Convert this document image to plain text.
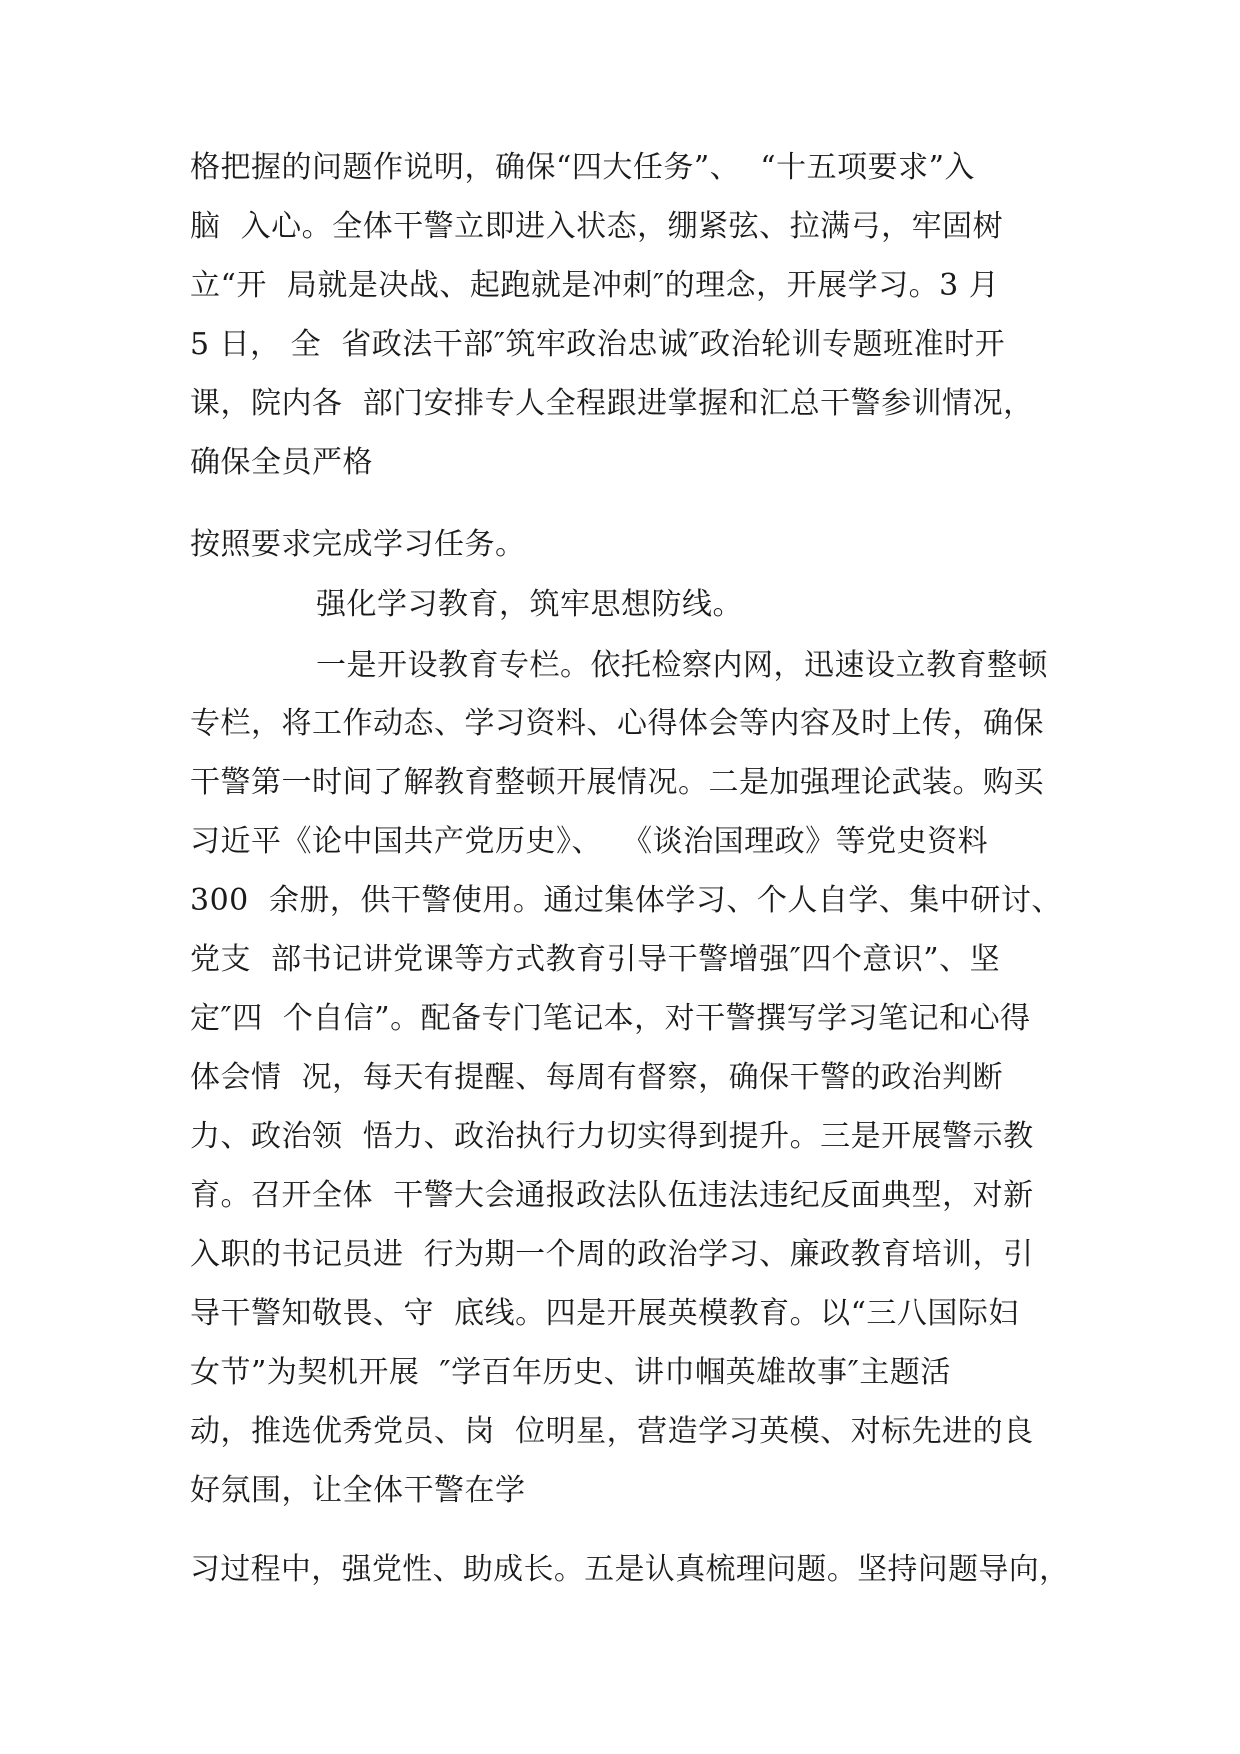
格把握的问题作说明，确保“四大任务”、  “十五项要求”入
脑  入心。全体干警立即进入状态，绷紧弦、拉满弓，牢固树
立“开  局就是决战、起跑就是冲刺″的理念，开展学习。3 月
5 日， 全  省政法干部″筑牢政治忠诚″政治轮训专题班准时开
课，院内各  部门安排专人全程跟进掌握和汇总干警参训情况，
确保全员严格
按照要求完成学习任务。
强化学习教育，筑牢思想防线。
一是开设教育专栏。依托检察内网，迅速设立教育整顿
专栏，将工作动态、学习资料、心得体会等内容及时上传，确保
干警第一时间了解教育整顿开展情况。二是加强理论武装。购买
习近平《论中国共产党历史》、  《谈治国理政》等党史资料
300  余册，供干警使用。通过集体学习、个人自学、集中研讨、
党支  部书记讲党课等方式教育引导干警增强″四个意识”、坚
定″四  个自信”。配备专门笔记本，对干警撰写学习笔记和心得
体会情  况，每天有提醒、每周有督察，确保干警的政治判断
力、政治领  悟力、政治执行力切实得到提升。三是开展警示教
育。召开全体  干警大会通报政法队伍违法违纪反面典型，对新
入职的书记员进  行为期一个周的政治学习、廉政教育培训，引
导干警知敬畏、守  底线。四是开展英模教育。以“三八国际妇
女节”为契机开展  ″学百年历史、讲巾帼英雄故事″主题活
动，推选优秀党员、岗  位明星，营造学习英模、对标先进的良
好氛围，让全体干警在学
习过程中，强党性、助成长。五是认真梳理问题。坚持问题导向，
